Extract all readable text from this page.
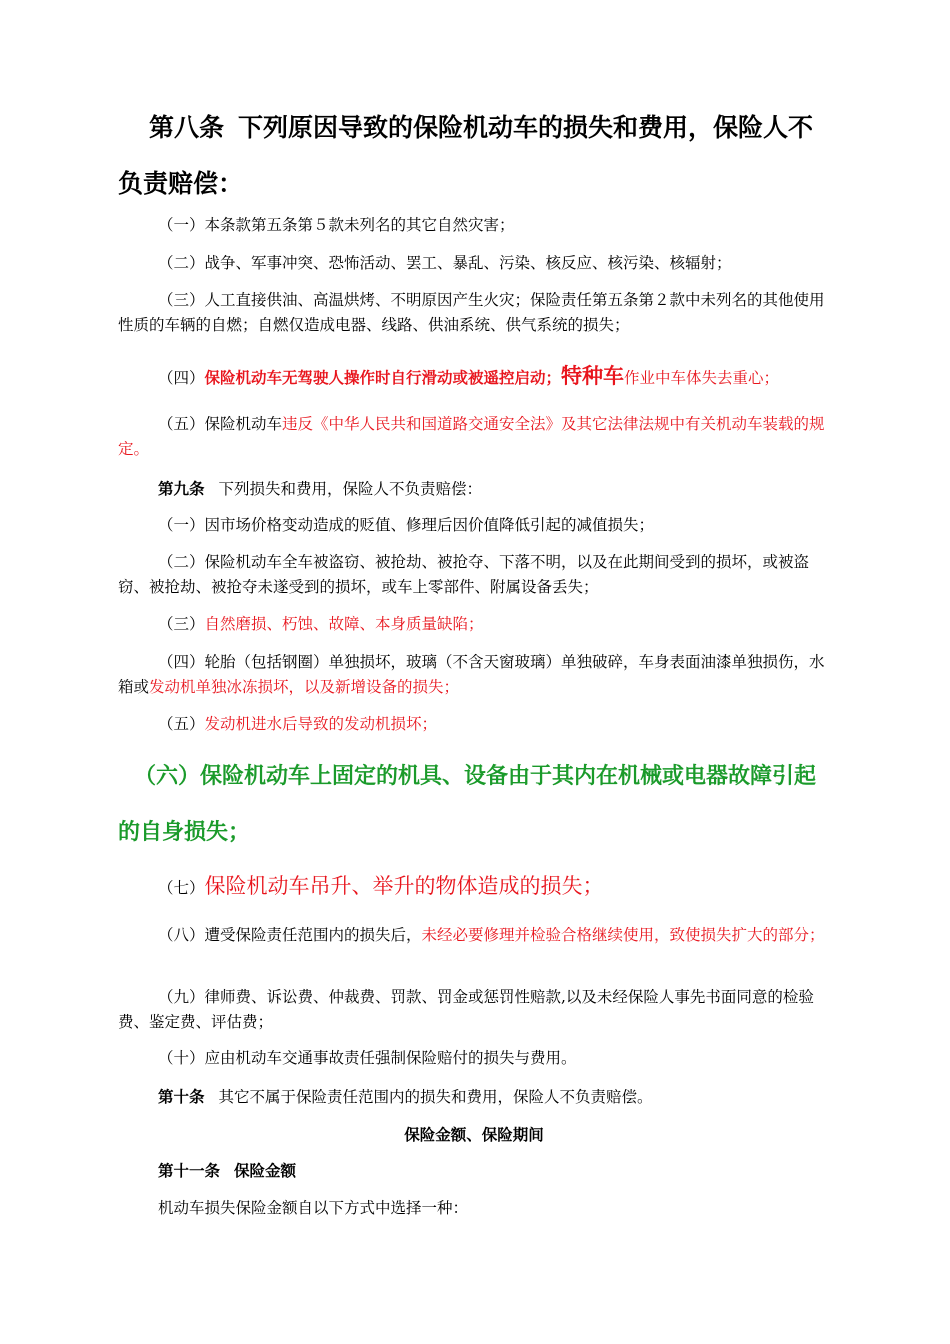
第八条 下列原因导致的保险机动车的损失和费用，保险人不负责赔偿：

（一）本条款第五条第５款未列名的其它自然灾害；

（二）战争、军事冲突、恐怖活动、罢工、暴乱、污染、核反应、核污染、核辐射；

（三）人工直接供油、高温烘烤、不明原因产生火灾；保险责任第五条第２款中未列名的其他使用性质的车辆的自燃；自燃仅造成电器、线路、供油系统、供气系统的损失；

（四）保险机动车无驾驶人操作时自行滑动或被遥控启动；特种车作业中车体失去重心；

（五）保险机动车违反《中华人民共和国道路交通安全法》及其它法律法规中有关机动车装载的规定。

第九条 下列损失和费用，保险人不负责赔偿：

（一）因市场价格变动造成的贬值、修理后因价值降低引起的减值损失；

（二）保险机动车全车被盗窃、被抢劫、被抢夺、下落不明，以及在此期间受到的损坏，或被盗窃、被抢劫、被抢夺未遂受到的损坏，或车上零部件、附属设备丢失；

（三）自然磨损、朽蚀、故障、本身质量缺陷；

（四）轮胎（包括钢圈）单独损坏，玻璃（不含天窗玻璃）单独破碎，车身表面油漆单独损伤，水箱或发动机单独冰冻损坏，以及新增设备的损失；

（五）发动机进水后导致的发动机损坏；

（六）保险机动车上固定的机具、设备由于其内在机械或电器故障引起的自身损失；

（七）保险机动车吊升、举升的物体造成的损失；

（八）遭受保险责任范围内的损失后，未经必要修理并检验合格继续使用，致使损失扩大的部分；

（九）律师费、诉讼费、仲裁费、罚款、罚金或惩罚性赔款,以及未经保险人事先书面同意的检验费、鉴定费、评估费；

（十）应由机动车交通事故责任强制保险赔付的损失与费用。

第十条 其它不属于保险责任范围内的损失和费用，保险人不负责赔偿。

保险金额、保险期间

第十一条 保险金额

机动车损失保险金额自以下方式中选择一种：
